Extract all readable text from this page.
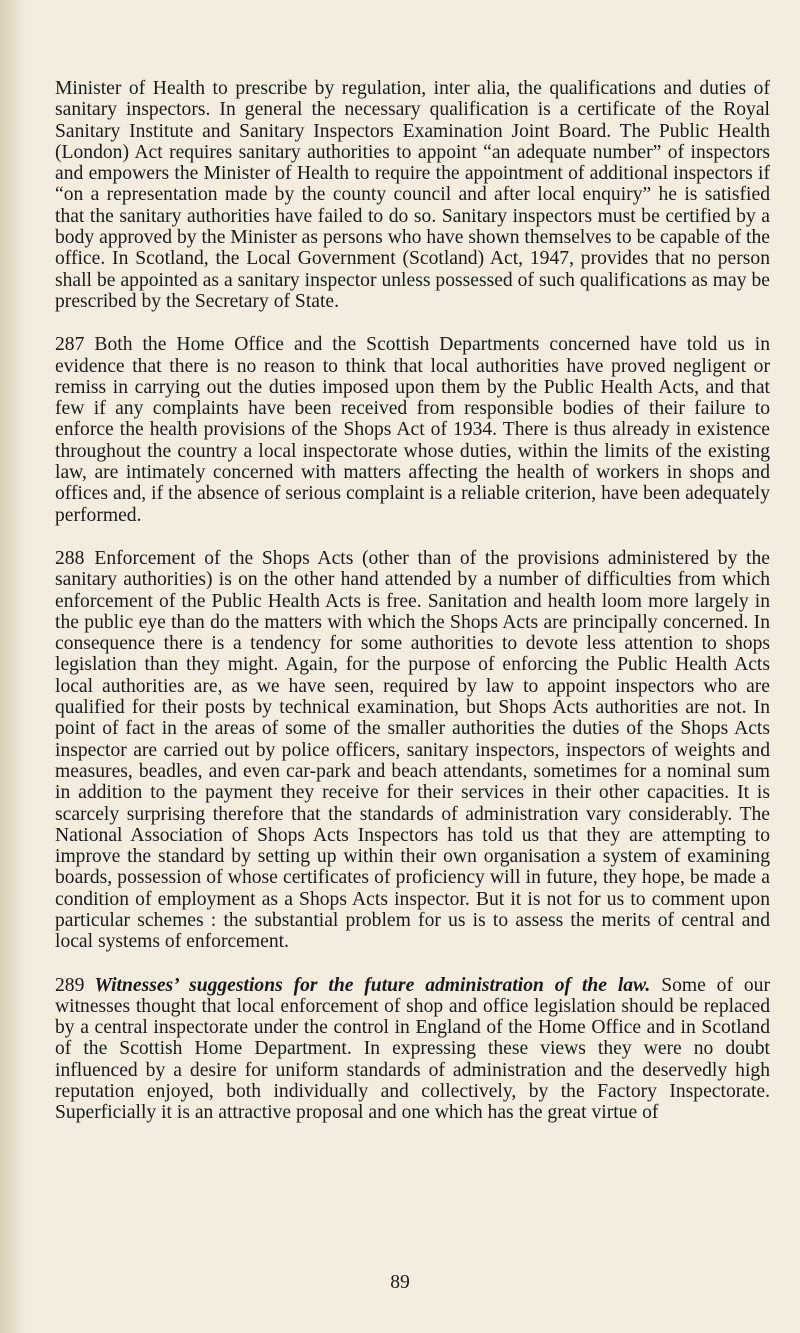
Minister of Health to prescribe by regulation, inter alia, the qualifications and duties of sanitary inspectors. In general the necessary qualification is a certificate of the Royal Sanitary Institute and Sanitary Inspectors Examination Joint Board. The Public Health (London) Act requires sanitary authorities to appoint “an adequate number” of inspectors and empowers the Minister of Health to require the appointment of additional inspectors if “on a representation made by the county council and after local enquiry” he is satisfied that the sanitary authorities have failed to do so. Sanitary inspectors must be certified by a body approved by the Minister as persons who have shown themselves to be capable of the office. In Scotland, the Local Government (Scotland) Act, 1947, provides that no person shall be appointed as a sanitary inspector unless possessed of such qualifications as may be prescribed by the Secretary of State.

287 Both the Home Office and the Scottish Departments concerned have told us in evidence that there is no reason to think that local authorities have proved negligent or remiss in carrying out the duties imposed upon them by the Public Health Acts, and that few if any complaints have been received from responsible bodies of their failure to enforce the health provisions of the Shops Act of 1934. There is thus already in existence throughout the country a local inspectorate whose duties, within the limits of the existing law, are intimately concerned with matters affecting the health of workers in shops and offices and, if the absence of serious complaint is a reliable criterion, have been adequately performed.

288 Enforcement of the Shops Acts (other than of the provisions administered by the sanitary authorities) is on the other hand attended by a number of difficulties from which enforcement of the Public Health Acts is free. Sanitation and health loom more largely in the public eye than do the matters with which the Shops Acts are principally concerned. In consequence there is a tendency for some authorities to devote less attention to shops legislation than they might. Again, for the purpose of enforcing the Public Health Acts local authorities are, as we have seen, required by law to appoint inspectors who are qualified for their posts by technical examination, but Shops Acts authorities are not. In point of fact in the areas of some of the smaller authorities the duties of the Shops Acts inspector are carried out by police officers, sanitary inspectors, inspectors of weights and measures, beadles, and even car-park and beach attendants, sometimes for a nominal sum in addition to the payment they receive for their services in their other capacities. It is scarcely surprising therefore that the standards of administration vary considerably. The National Association of Shops Acts Inspectors has told us that they are attempting to improve the standard by setting up within their own organisation a system of examining boards, possession of whose certificates of proficiency will in future, they hope, be made a condition of employment as a Shops Acts inspector. But it is not for us to comment upon particular schemes : the substantial problem for us is to assess the merits of central and local systems of enforcement.

289 Witnesses’ suggestions for the future administration of the law. Some of our witnesses thought that local enforcement of shop and office legislation should be replaced by a central inspectorate under the control in England of the Home Office and in Scotland of the Scottish Home Department. In expressing these views they were no doubt influenced by a desire for uniform standards of administration and the deservedly high reputation enjoyed, both individually and collectively, by the Factory Inspectorate. Superficially it is an attractive proposal and one which has the great virtue of

89
